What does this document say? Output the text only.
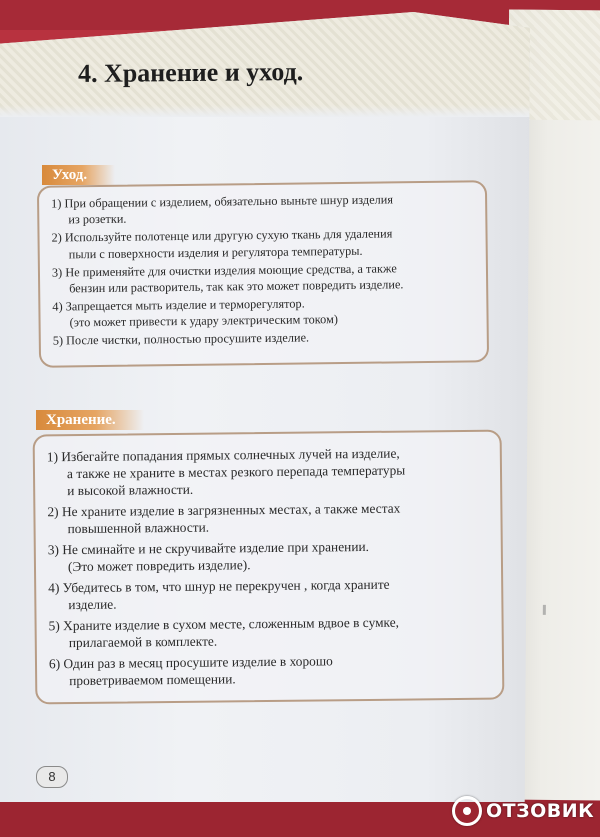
4. Хранение и уход.
Уход.
1) При обращении с изделием, обязательно выньте шнур изделия
из розетки.
2) Используйте полотенце или другую сухую ткань для удаления
пыли с поверхности изделия и регулятора температуры.
3) Не применяйте для очистки изделия моющие средства, а также
бензин или растворитель, так как это может повредить изделие.
4) Запрещается мыть изделие и терморегулятор.
(это может привести к удару электрическим током)
5) После чистки, полностью просушите изделие.
Хранение.
1) Избегайте попадания прямых солнечных лучей на изделие,
а также не храните в местах резкого перепада температуры
и высокой влажности.
2) Не храните изделие в загрязненных местах, а также местах
повышенной влажности.
3) Не сминайте и не скручивайте изделие при хранении.
(Это может повредить изделие).
4) Убедитесь в том, что шнур не перекручен , когда храните
изделие.
5) Храните изделие в сухом месте, сложенным вдвое в сумке,
прилагаемой в комплекте.
6) Один раз в месяц просушите изделие в хорошо
проветриваемом помещении.
8
ОТЗОВИК
